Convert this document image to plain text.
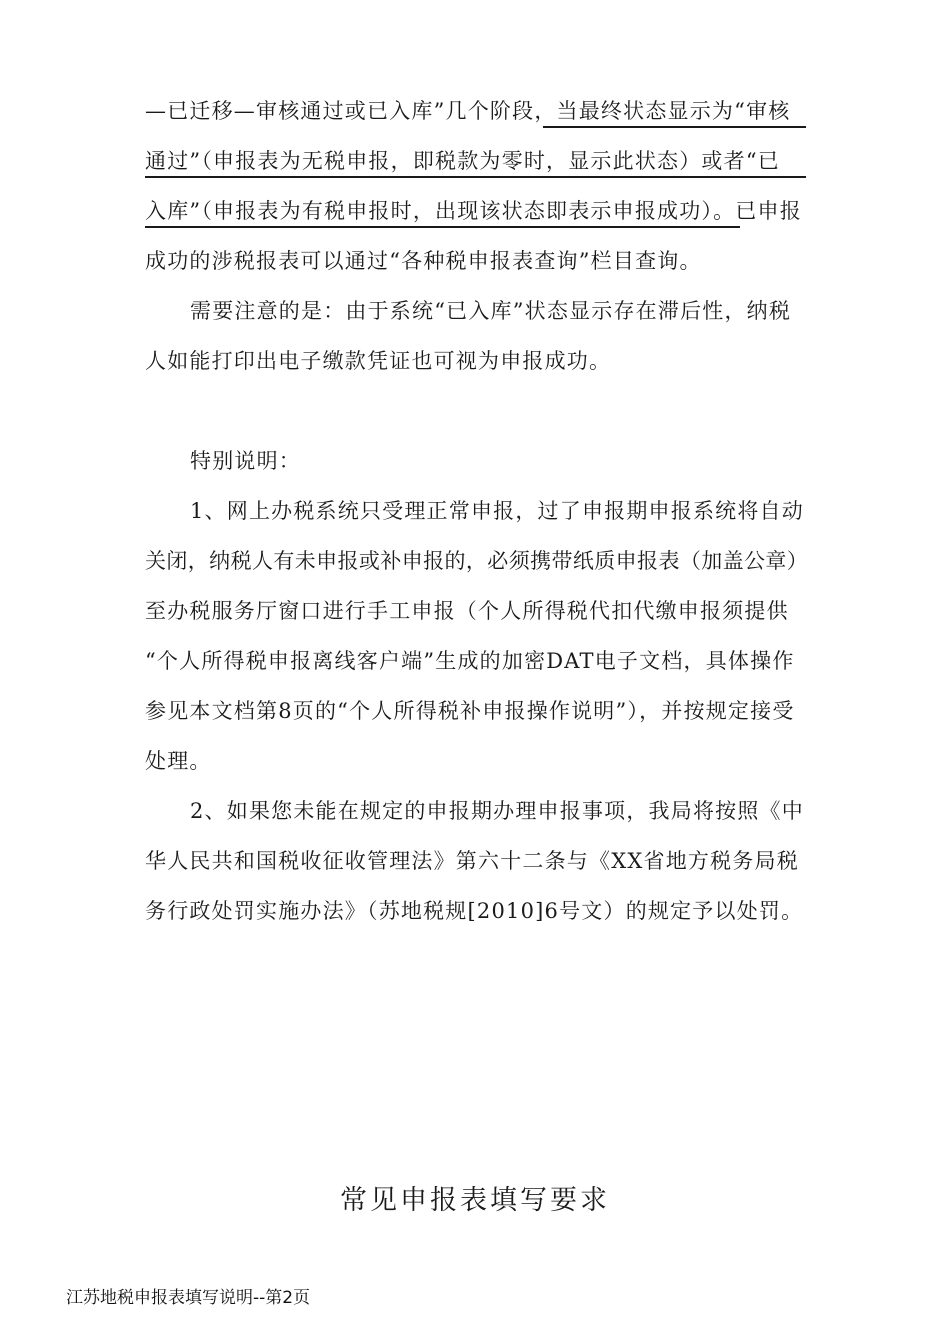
—已迁移—审核通过或已入库”几个阶段，当最终状态显示为“审核
通过”（申报表为无税申报，即税款为零时，显示此状态）或者“已
入库”（申报表为有税申报时，出现该状态即表示申报成功）。已申报
成功的涉税报表可以通过“各种税申报表查询”栏目查询。
需要注意的是：由于系统“已入库”状态显示存在滞后性，纳税
人如能打印出电子缴款凭证也可视为申报成功。
特别说明：
1、网上办税系统只受理正常申报，过了申报期申报系统将自动
关闭，纳税人有未申报或补申报的，必须携带纸质申报表（加盖公章）
至办税服务厅窗口进行手工申报（个人所得税代扣代缴申报须提供
“个人所得税申报离线客户端”生成的加密DAT电子文档，具体操作
参见本文档第8页的“个人所得税补申报操作说明”），并按规定接受
处理。
2、如果您未能在规定的申报期办理申报事项，我局将按照《中
华人民共和国税收征收管理法》第六十二条与《XX省地方税务局税
务行政处罚实施办法》（苏地税规[2010]6号文）的规定予以处罚。
常见申报表填写要求
江苏地税申报表填写说明--第2页
